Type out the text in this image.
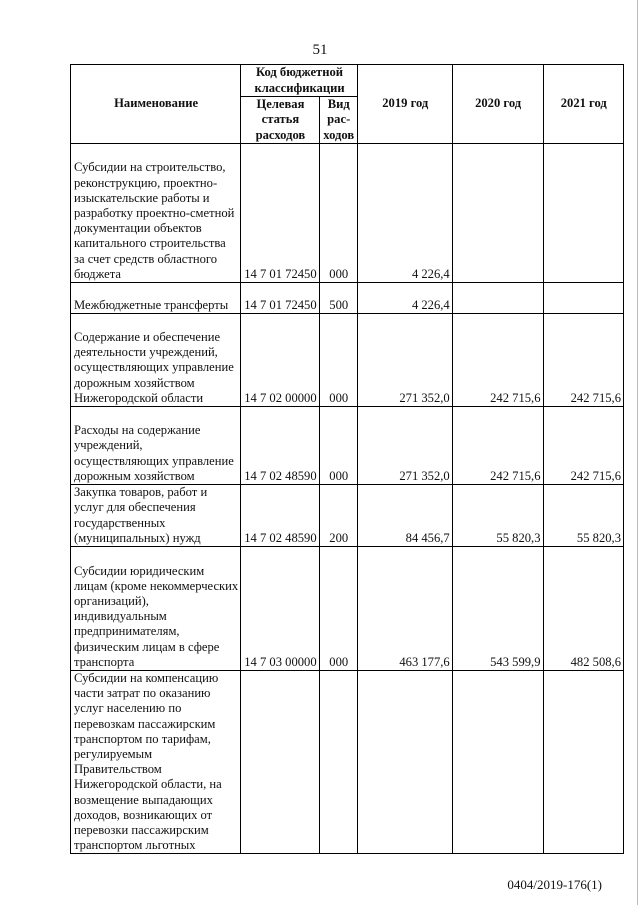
51
Наименование	Код бюджетной классификации		2019 год	2020 год	2021 год
	Целевая статья расходов	Вид рас-ходов			
Субсидии на строительство, реконструкцию, проектно-изыскательские работы и разработку проектно-сметной документации объектов капитального строительства за счет средств областного бюджета	14 7 01 72450	000	4 226,4		
Межбюджетные трансферты	14 7 01 72450	500	4 226,4		
Содержание и обеспечение деятельности учреждений, осуществляющих управление дорожным хозяйством Нижегородской области	14 7 02 00000	000	271 352,0	242 715,6	242 715,6
Расходы на содержание учреждений, осуществляющих управление дорожным хозяйством	14 7 02 48590	000	271 352,0	242 715,6	242 715,6
Закупка товаров, работ и услуг для обеспечения государственных (муниципальных) нужд	14 7 02 48590	200	84 456,7	55 820,3	55 820,3
Субсидии юридическим лицам (кроме некоммерческих организаций), индивидуальным предпринимателям, физическим лицам в сфере транспорта	14 7 03 00000	000	463 177,6	543 599,9	482 508,6
Субсидии на компенсацию части затрат по оказанию услуг населению по перевозкам пассажирским транспортом по тарифам, регулируемым Правительством Нижегородской области, на возмещение выпадающих доходов, возникающих от перевозки пассажирским транспортом льготных					
0404/2019-176(1)
